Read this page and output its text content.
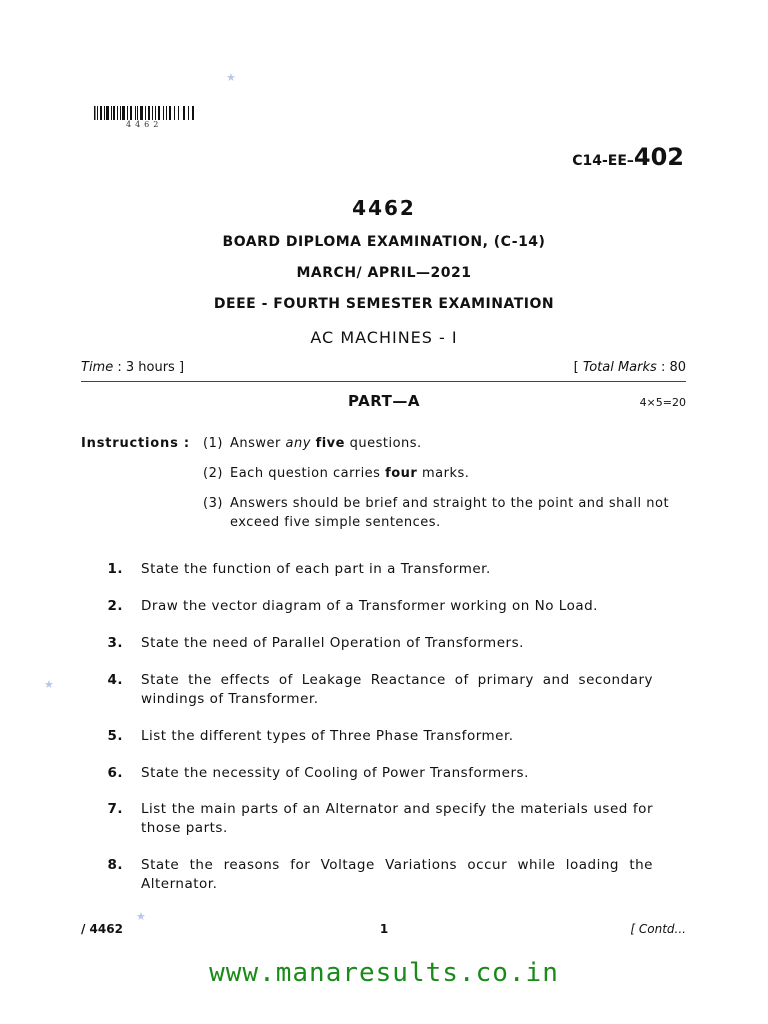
4462
★
★
★
C14-EE–402
4462
BOARD DIPLOMA EXAMINATION, (C-14)
MARCH/ APRIL—2021
DEEE - FOURTH SEMESTER EXAMINATION
AC MACHINES - I
Time : 3 hours ]	[ Total Marks : 80
PART—A	4×5=20
Instructions : (1) Answer any five questions.
(2) Each question carries four marks.
(3) Answers should be brief and straight to the point and shall not exceed five simple sentences.
1. State the function of each part in a Transformer.
2. Draw the vector diagram of a Transformer working on No Load.
3. State the need of Parallel Operation of Transformers.
4. State the effects of Leakage Reactance of primary and secondary windings of Transformer.
5. List the different types of Three Phase Transformer.
6. State the necessity of Cooling of Power Transformers.
7. List the main parts of an Alternator and specify the materials used for those parts.
8. State the reasons for Voltage Variations occur while loading the Alternator.
/ 4462	1	[ Contd...
www.manaresults.co.in
